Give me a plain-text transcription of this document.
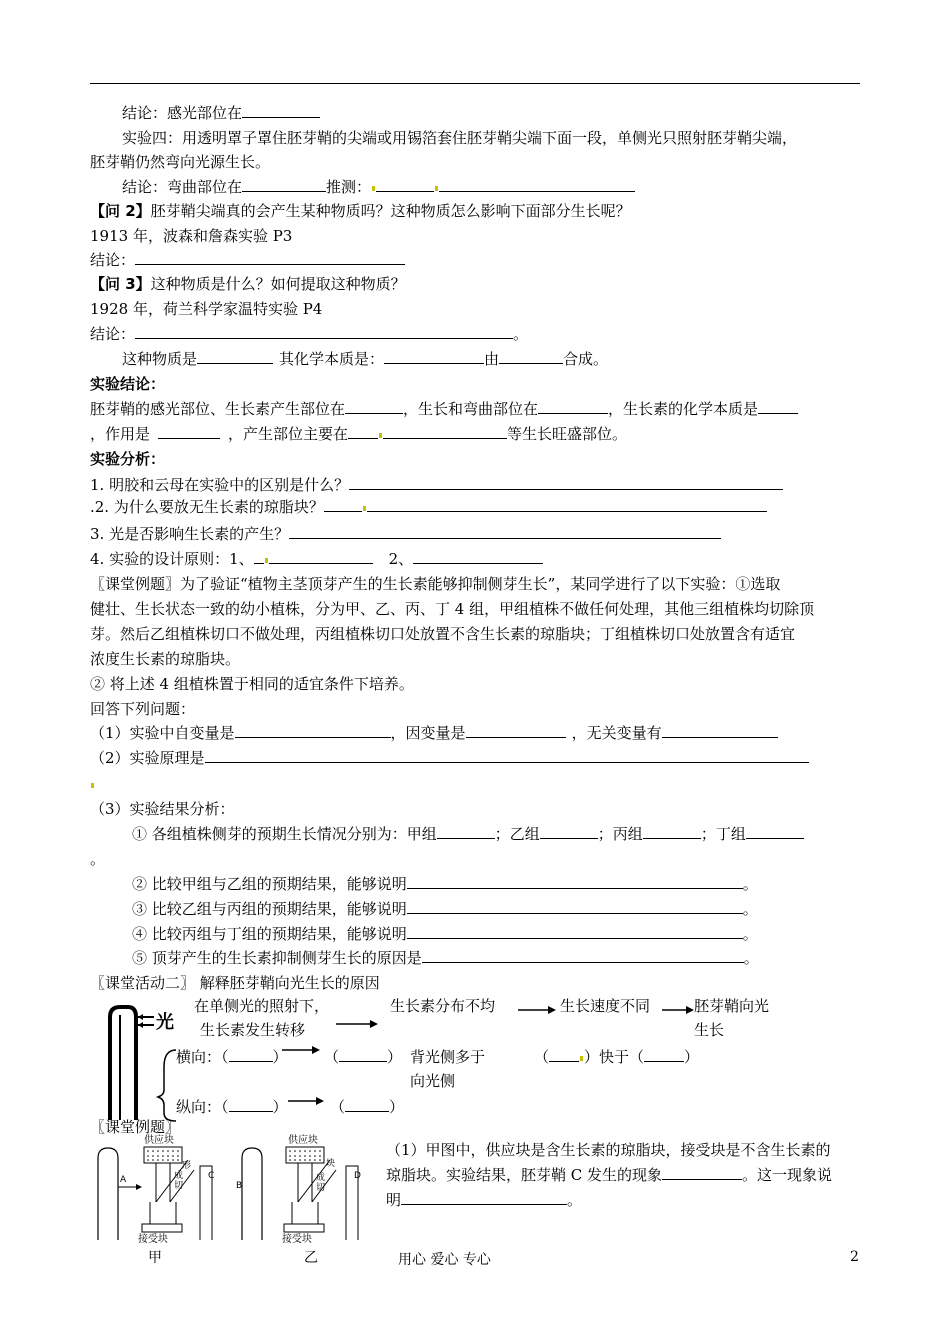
结论：感光部位在
实验四：用透明罩子罩住胚芽鞘的尖端或用锡箔套住胚芽鞘尖端下面一段，单侧光只照射胚芽鞘尖端，
胚芽鞘仍然弯向光源生长。
结论：弯曲部位在	推测：
【问 2】胚芽鞘尖端真的会产生某种物质吗？这种物质怎么影响下面部分生长呢？
1913 年，波森和詹森实验 P3
结论：
【问 3】这种物质是什么？如何提取这种物质？
1928 年，荷兰科学家温特实验 P4
结论：	。
这种物质是	其化学本质是：	由	合成。
实验结论：
胚芽鞘的感光部位、生长素产生部位在	，生长和弯曲部位在	，生长素的化学本质是
，作用是	，产生部位主要在	等生长旺盛部位。
实验分析：
1. 明胶和云母在实验中的区别是什么？
.2. 为什么要放无生长素的琼脂块？
3. 光是否影响生长素的产生？
4. 实验的设计原则：1、	2、
〖课堂例题〗为了验证“植物主茎顶芽产生的生长素能够抑制侧芽生长”，某同学进行了以下实验：①选取
健壮、生长状态一致的幼小植株，分为甲、乙、丙、丁 4 组，甲组植株不做任何处理，其他三组植株均切除顶
芽。然后乙组植株切口不做处理，丙组植株切口处放置不含生长素的琼脂块；丁组植株切口处放置含有适宜
浓度生长素的琼脂块。
② 将上述 4 组植株置于相同的适宜条件下培养。
回答下列问题：
（1）实验中自变量是	，因变量是	，无关变量有
（2）实验原理是
（3）实验结果分析：
① 各组植株侧芽的预期生长情况分别为：甲组	；乙组	；丙组	；丁组
。
② 比较甲组与乙组的预期结果，能够说明	。
③ 比较乙组与丙组的预期结果，能够说明	。
④ 比较丙组与丁组的预期结果，能够说明	。
⑤ 顶芽产生的生长素抑制侧芽生长的原因是	。
〖课堂活动二〗 解释胚芽鞘向光生长的原因
在单侧光的照射下，
生长素发生转移
生长素分布不均	生长速度不同	胚芽鞘向光
生长
光
横向：（	） （	） 背光侧多于
向光侧
（ ）快于（	）
纵向：（	）	（	）
〖课堂例题〗
A
供应块
切
成
形
接受块
C
B
供应块
切
成
块
接受块
D
甲	乙
（1）甲图中，供应块是含生长素的琼脂块，接受块是不含生长素的
琼脂块。实验结果，胚芽鞘 C 发生的现象	。这一现象说
明	。
用心 爱心 专心	2
